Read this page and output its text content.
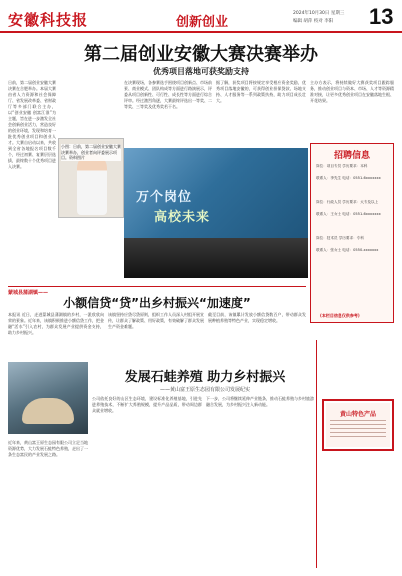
安徽科技报	创新创业
2024年10月30日 星期三
编辑 胡萍 校对 李阳 13
第二届创业安徽大赛决赛举办
优秀项目落地可获奖励支持
日前，第二届创业安徽大赛决赛在合肥举办。本届大赛由省人力资源和社会保障厅、省发展改革委、省财政厅等多部门联合主办，以“创业安徽 创富江淮”为主题，旨在进一步激发全社会创新创业活力，营造良好的创业环境，发现和培育一批优秀创业项目和创业人才。大赛自启动以来，共收到全省各地报名项目数千个，经过初赛、复赛层层选拔，最终数十个优秀项目进入决赛。
在决赛现场，各参赛选手围绕项目创新点、市场前景、商业模式、团队构成等方面进行路演展示，评委从项目创新性、可行性、成长性等方面进行综合评审。经过激烈角逐，大赛最终评选出一等奖、二等奖、三等奖及优秀奖若干名。
据了解，获奖项目将按规定享受相应资金奖励，优秀项目落地安徽的，可获得创业担保贷款、场地支持、人才服务等一系列政策扶持，助力项目成长壮大。
主办方表示，将持续做好大赛获奖项目跟踪服务，推动创业项目与资本、市场、人才等资源精准对接，让更多优秀创业项目在安徽落地生根、开花结果。
小图：日前，第二届创业安徽大赛决赛举办，创业者向评委展示项目。资料图片
万个岗位
高校未来
招聘信息
岗位：项目专员 学历要求：本科
联系人：李先生 电话：0551-6xxxxxxx
岗位：行政人员 学历要求：大专及以上
联系人：王女士 电话：0551-6xxxxxxx
岗位：技术员 学历要求：专科
联系人：张女士 电话：0550-xxxxxxx
(本栏目信息仅供参考)
蒙城县蒲湖镇——
小额信贷“贷”出乡村振兴“加速度”
本报讯 近日，走进蒙城县蒲湖镇的乡村，一派欣欣向荣的景象。近年来，该镇积极推进小额信贷工作，把金融“活水”引入农村，为群众发展产业提供资金支持，助力乡村振兴。
该镇坚持应贷尽贷原则，组织工作人员深入村组开展宣传，让群众了解政策、用好政策，有效破解了群众发展生产资金难题。
截至目前，该镇累计发放小额信贷数百户，带动群众发展种植养殖等特色产业，实现稳定增收。
发展石蛙养殖 助力乡村振兴
——黄山富王原生态园有限公司发展纪实
近年来，黄山富王原生态园有限公司立足当地资源优势，大力发展石蛙特色养殖，走出了一条生态富民的产业发展之路。
公司依托良好的山区生态环境，建设标准化养殖基地，引进先进养殖技术，不断扩大养殖规模，提升产品品质，带动周边群众就业增收。
下一步，公司将继续延伸产业链条，推动石蛙养殖与乡村旅游融合发展，为乡村振兴注入新动能。
黄山特色产品
